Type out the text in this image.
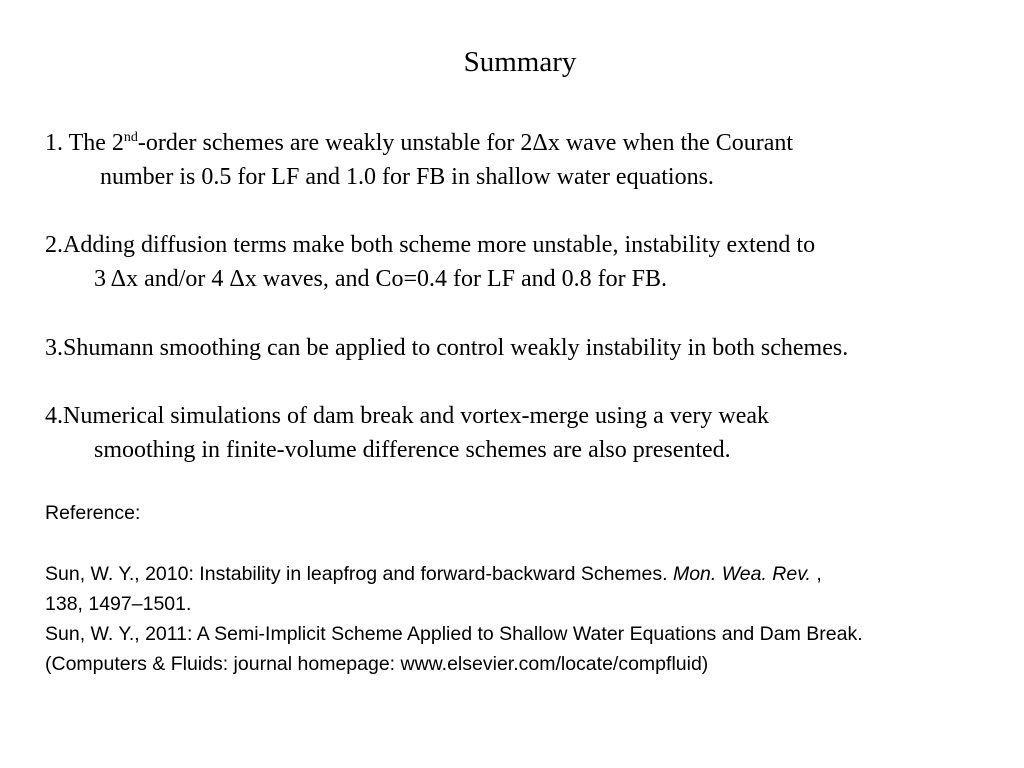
Summary
1. The 2nd-order schemes are weakly unstable for 2Δx wave when the Courant
number is 0.5 for LF and 1.0 for FB in shallow water equations.
2.Adding diffusion terms make both scheme more unstable, instability extend to
3 Δx and/or 4 Δx waves, and Co=0.4 for LF and 0.8 for FB.
3.Shumann smoothing can be applied to control weakly instability in both schemes.
4.Numerical simulations of dam break and vortex-merge using a very weak
smoothing in finite-volume difference schemes are also presented.
Reference:
Sun, W. Y., 2010: Instability in leapfrog and forward-backward Schemes. Mon. Wea. Rev. ,
138, 1497–1501.
Sun, W. Y., 2011: A Semi-Implicit Scheme Applied to Shallow Water Equations and Dam Break.
(Computers & Fluids: journal homepage: www.elsevier.com/locate/compfluid)
